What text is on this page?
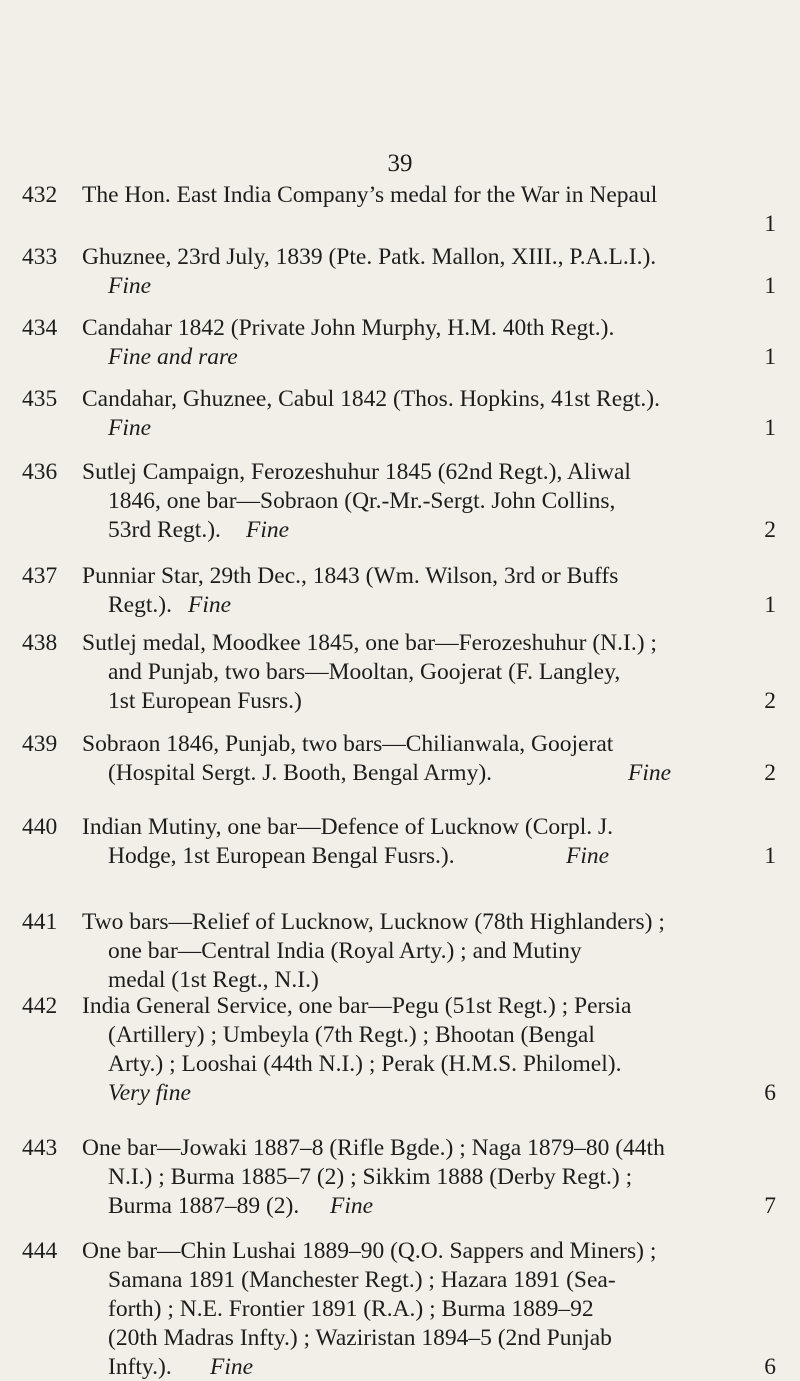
39
432	The Hon. East India Company’s medal for the War in Nepaul
1
433	Ghuznee, 23rd July, 1839 (Pte. Patk. Mallon, XIII., P.A.L.I.).
Fine	1
434	Candahar 1842 (Private John Murphy, H.M. 40th Regt.).
Fine and rare	1
435	Candahar, Ghuznee, Cabul 1842 (Thos. Hopkins, 41st Regt.).
Fine	1
436	Sutlej Campaign, Ferozeshuhur 1845 (62nd Regt.), Aliwal
1846, one bar—Sobraon (Qr.-Mr.-Sergt. John Collins,
53rd Regt.). Fine	2
437	Punniar Star, 29th Dec., 1843 (Wm. Wilson, 3rd or Buffs
Regt.). Fine	1
438	Sutlej medal, Moodkee 1845, one bar—Ferozeshuhur (N.I.) ;
and Punjab, two bars—Mooltan, Goojerat (F. Langley,
1st European Fusrs.)	2
439	Sobraon 1846, Punjab, two bars—Chilianwala, Goojerat
(Hospital Sergt. J. Booth, Bengal Army).	Fine	2
440	Indian Mutiny, one bar—Defence of Lucknow (Corpl. J.
Hodge, 1st European Bengal Fusrs.).	Fine	1
441	Two bars—Relief of Lucknow, Lucknow (78th Highlanders) ;
one bar—Central India (Royal Arty.) ; and Mutiny
medal (1st Regt., N.I.)
442	India General Service, one bar—Pegu (51st Regt.) ; Persia
(Artillery) ; Umbeyla (7th Regt.) ; Bhootan (Bengal
Arty.) ; Looshai (44th N.I.) ; Perak (H.M.S. Philomel).
Very fine	6
443	One bar—Jowaki 1887–8 (Rifle Bgde.) ; Naga 1879–80 (44th
N.I.) ; Burma 1885–7 (2) ; Sikkim 1888 (Derby Regt.) ;
Burma 1887–89 (2). Fine	7
444	One bar—Chin Lushai 1889–90 (Q.O. Sappers and Miners) ;
Samana 1891 (Manchester Regt.) ; Hazara 1891 (Sea-
forth) ; N.E. Frontier 1891 (R.A.) ; Burma 1889–92
(20th Madras Infty.) ; Waziristan 1894–5 (2nd Punjab
Infty.). Fine	6
